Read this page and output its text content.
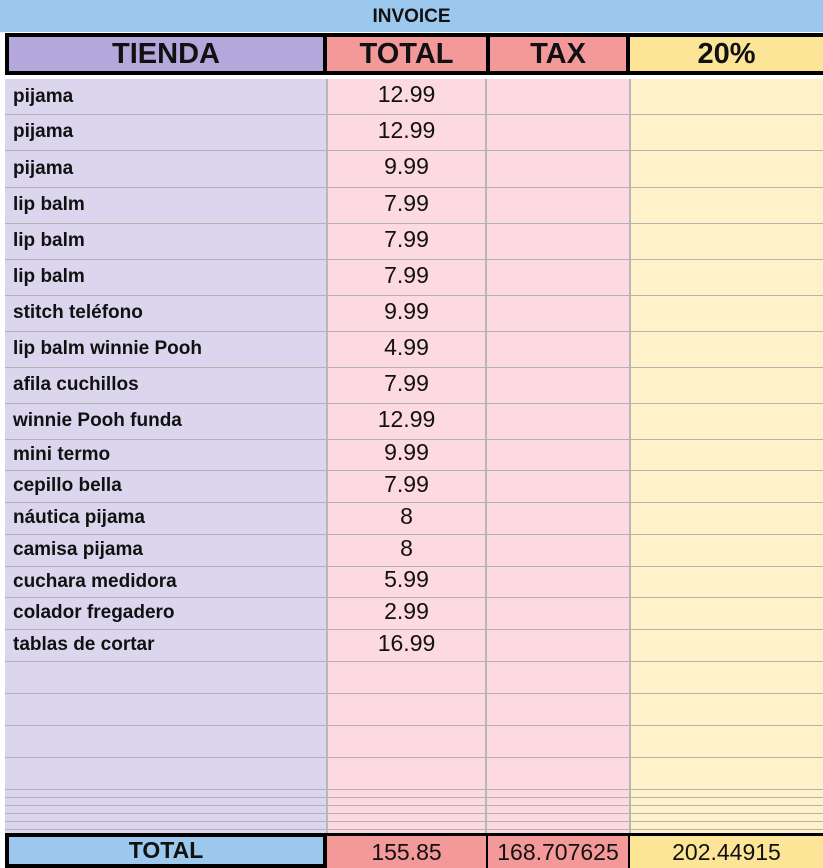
INVOICE
TIENDA	TOTAL	TAX	20%
pijama	12.99
pijama	12.99
pijama	9.99
lip balm	7.99
lip balm	7.99
lip balm	7.99
stitch teléfono	9.99
lip balm winnie Pooh	4.99
afila cuchillos	7.99
winnie Pooh funda	12.99
mini termo	9.99
cepillo bella	7.99
náutica pijama	8
camisa pijama	8
cuchara medidora	5.99
colador fregadero	2.99
tablas de cortar	16.99
TOTAL	155.85	168.707625	202.44915
